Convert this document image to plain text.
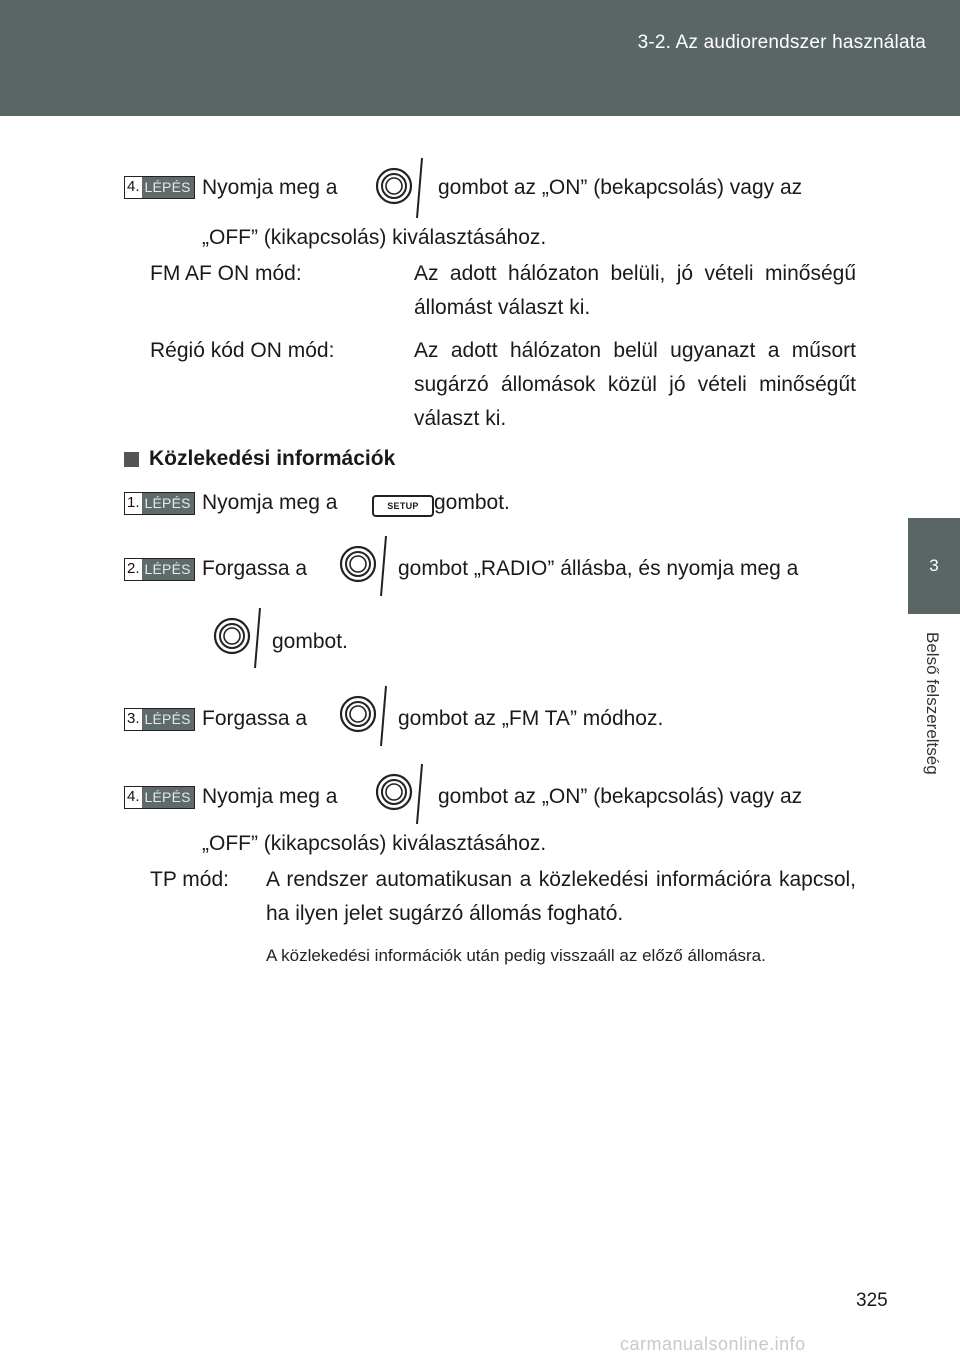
3-2. Az audiorendszer használata
3
Belső felszereltség
4. LÉPÉS Nyomja meg a	gombot az „ON” (bekapcsolás) vagy az
„OFF” (kikapcsolás) kiválasztásához.
FM AF ON mód:	Az adott hálózaton belüli, jó vételi minőségű állomást választ ki.
Régió kód ON mód:	Az adott hálózaton belül ugyanazt a műsort sugárzó állomások közül jó vételi minőségűt választ ki.
Közlekedési információk
1. LÉPÉS Nyomja meg a	SETUP gombot.
2. LÉPÉS Forgassa a	gombot „RADIO” állásba, és nyomja meg a
gombot.
3. LÉPÉS Forgassa a	gombot az „FM TA” módhoz.
4. LÉPÉS Nyomja meg a	gombot az „ON” (bekapcsolás) vagy az
„OFF” (kikapcsolás) kiválasztásához.
TP mód: A rendszer automatikusan a közlekedési információra kapcsol, ha ilyen jelet sugárzó állomás fogható.
A közlekedési információk után pedig visszaáll az előző állomásra.
325
carmanualsonline.info
